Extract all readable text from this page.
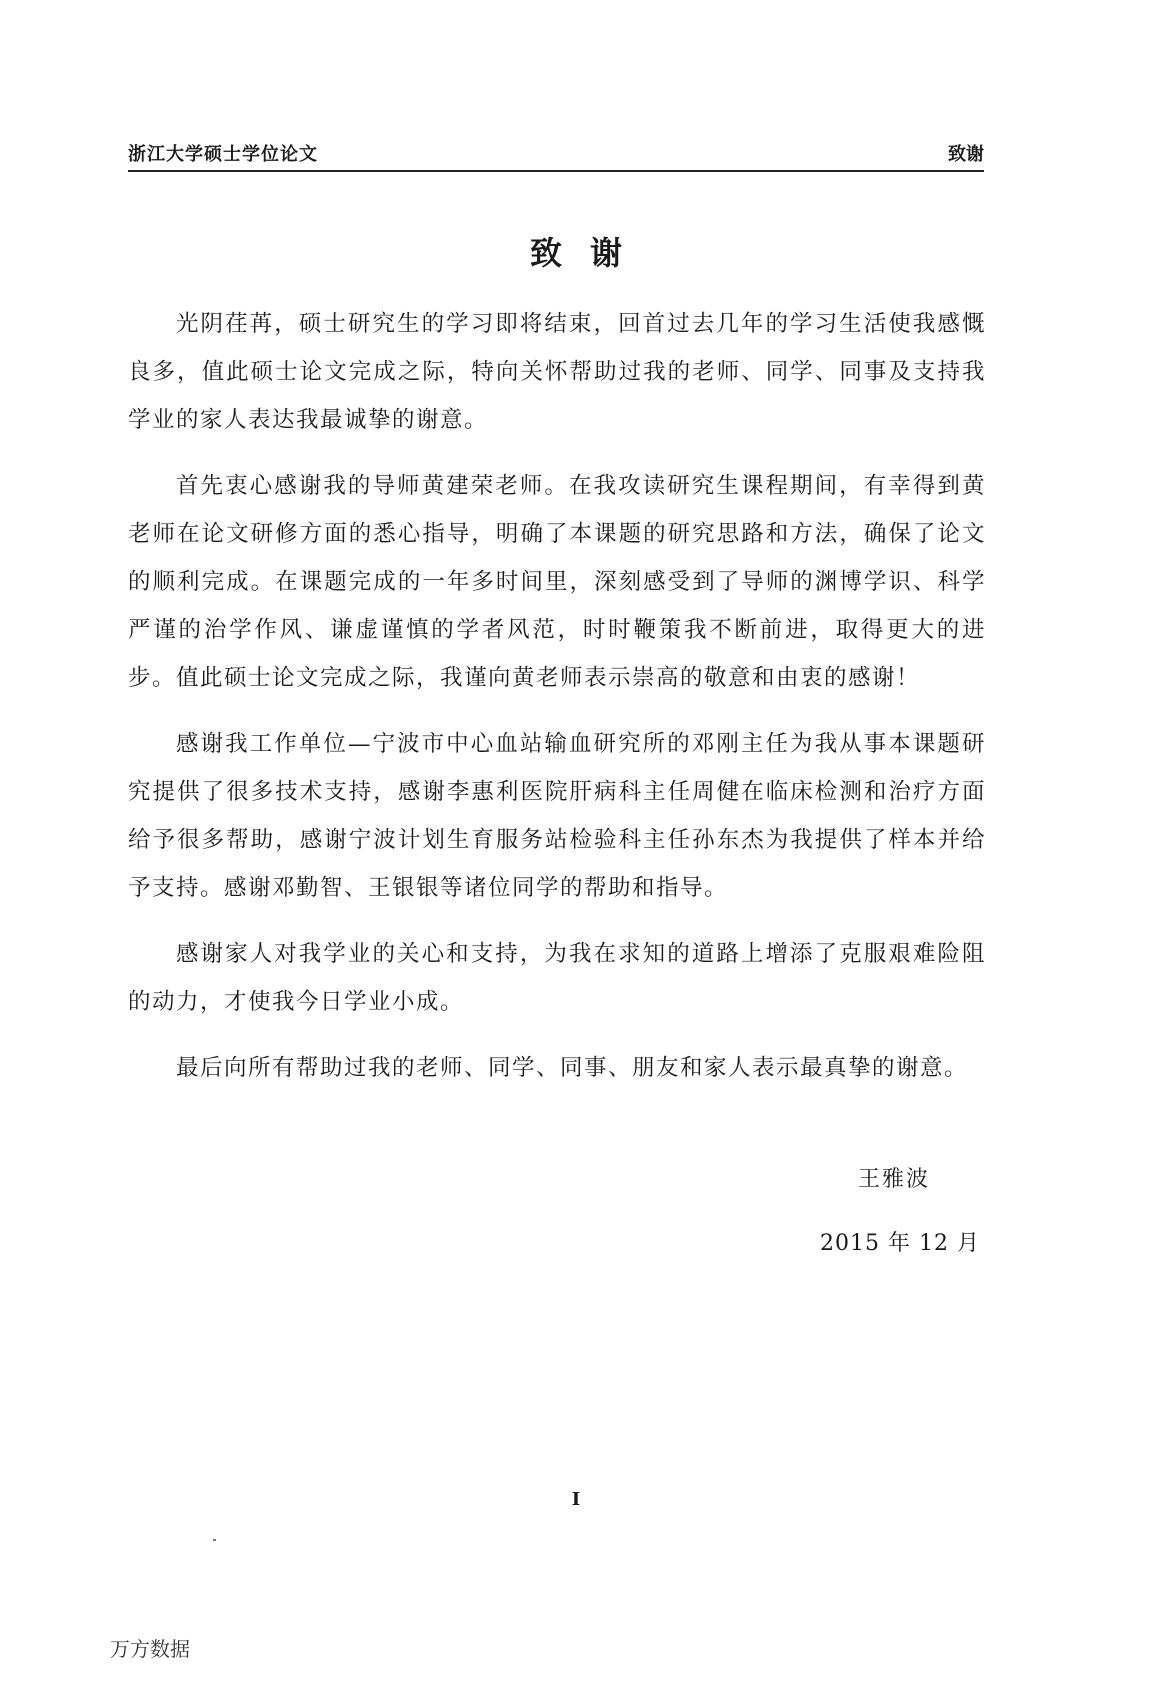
浙江大学硕士学位论文	致谢
致谢

光阴荏苒，硕士研究生的学习即将结束，回首过去几年的学习生活使我感慨良多，值此硕士论文完成之际，特向关怀帮助过我的老师、同学、同事及支持我学业的家人表达我最诚挚的谢意。

首先衷心感谢我的导师黄建荣老师。在我攻读研究生课程期间，有幸得到黄老师在论文研修方面的悉心指导，明确了本课题的研究思路和方法，确保了论文的顺利完成。在课题完成的一年多时间里，深刻感受到了导师的渊博学识、科学严谨的治学作风、谦虚谨慎的学者风范，时时鞭策我不断前进，取得更大的进步。值此硕士论文完成之际，我谨向黄老师表示崇高的敬意和由衷的感谢！

感谢我工作单位—宁波市中心血站输血研究所的邓刚主任为我从事本课题研究提供了很多技术支持，感谢李惠利医院肝病科主任周健在临床检测和治疗方面给予很多帮助，感谢宁波计划生育服务站检验科主任孙东杰为我提供了样本并给予支持。感谢邓勤智、王银银等诸位同学的帮助和指导。

感谢家人对我学业的关心和支持，为我在求知的道路上增添了克服艰难险阻的动力，才使我今日学业小成。

最后向所有帮助过我的老师、同学、同事、朋友和家人表示最真挚的谢意。

王雅波
2015 年 12 月
I
万方数据
